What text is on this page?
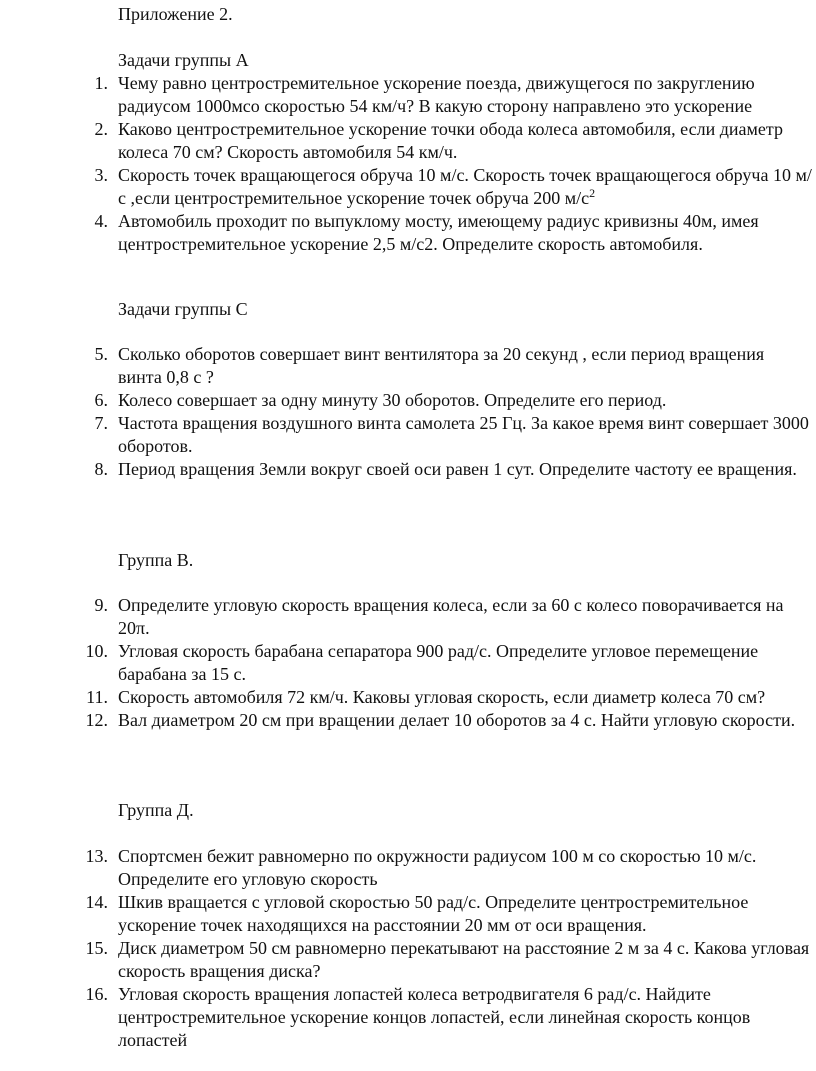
Приложение 2.
Задачи группы А
1. Чему равно центростремительное ускорение поезда, движущегося по закруглению радиусом 1000мсо скоростью 54 км/ч? В какую сторону направлено это ускорение
2. Каково центростремительное ускорение точки обода колеса автомобиля, если диаметр колеса 70 см? Скорость автомобиля 54 км/ч.
3. Скорость точек вращающегося обруча 10 м/с. Скорость точек вращающегося обруча 10 м/с ,если центростремительное ускорение точек обруча 200 $м/с^2$
4. Автомобиль проходит по выпуклому мосту, имеющему радиус кривизны 40м, имея центростремительное ускорение 2,5 м/с2. Определите скорость автомобиля.
Задачи группы С
5. Сколько оборотов совершает винт вентилятора за 20 секунд , если период вращения винта 0,8 с ?
6. Колесо совершает за одну минуту 30 оборотов. Определите его период.
7. Частота вращения воздушного винта самолета 25 Гц. За какое время винт совершает 3000 оборотов.
8. Период вращения Земли вокруг своей оси равен 1 сут. Определите частоту ее вращения.
Группа В.
9. Определите угловую скорость вращения колеса, если за 60 с колесо поворачивается на 20π.
10. Угловая скорость барабана сепаратора 900 рад/с. Определите угловое перемещение барабана за 15 с.
11. Скорость автомобиля 72 км/ч. Каковы угловая скорость, если диаметр колеса 70 см?
12. Вал диаметром 20 см при вращении делает 10 оборотов за 4 с. Найти угловую скорости.
Группа Д.
13. Спортсмен бежит равномерно по окружности радиусом 100 м со скоростью 10 м/с. Определите его угловую скорость
14. Шкив вращается с угловой скоростью 50 рад/с. Определите центростремительное ускорение точек находящихся на расстоянии 20 мм от оси вращения.
15. Диск диаметром 50 см равномерно перекатывают на расстояние 2 м за 4 с. Какова угловая скорость вращения диска?
16. Угловая скорость вращения лопастей колеса ветродвигателя 6 рад/с. Найдите центростремительное ускорение концов лопастей, если линейная скорость концов лопастей
